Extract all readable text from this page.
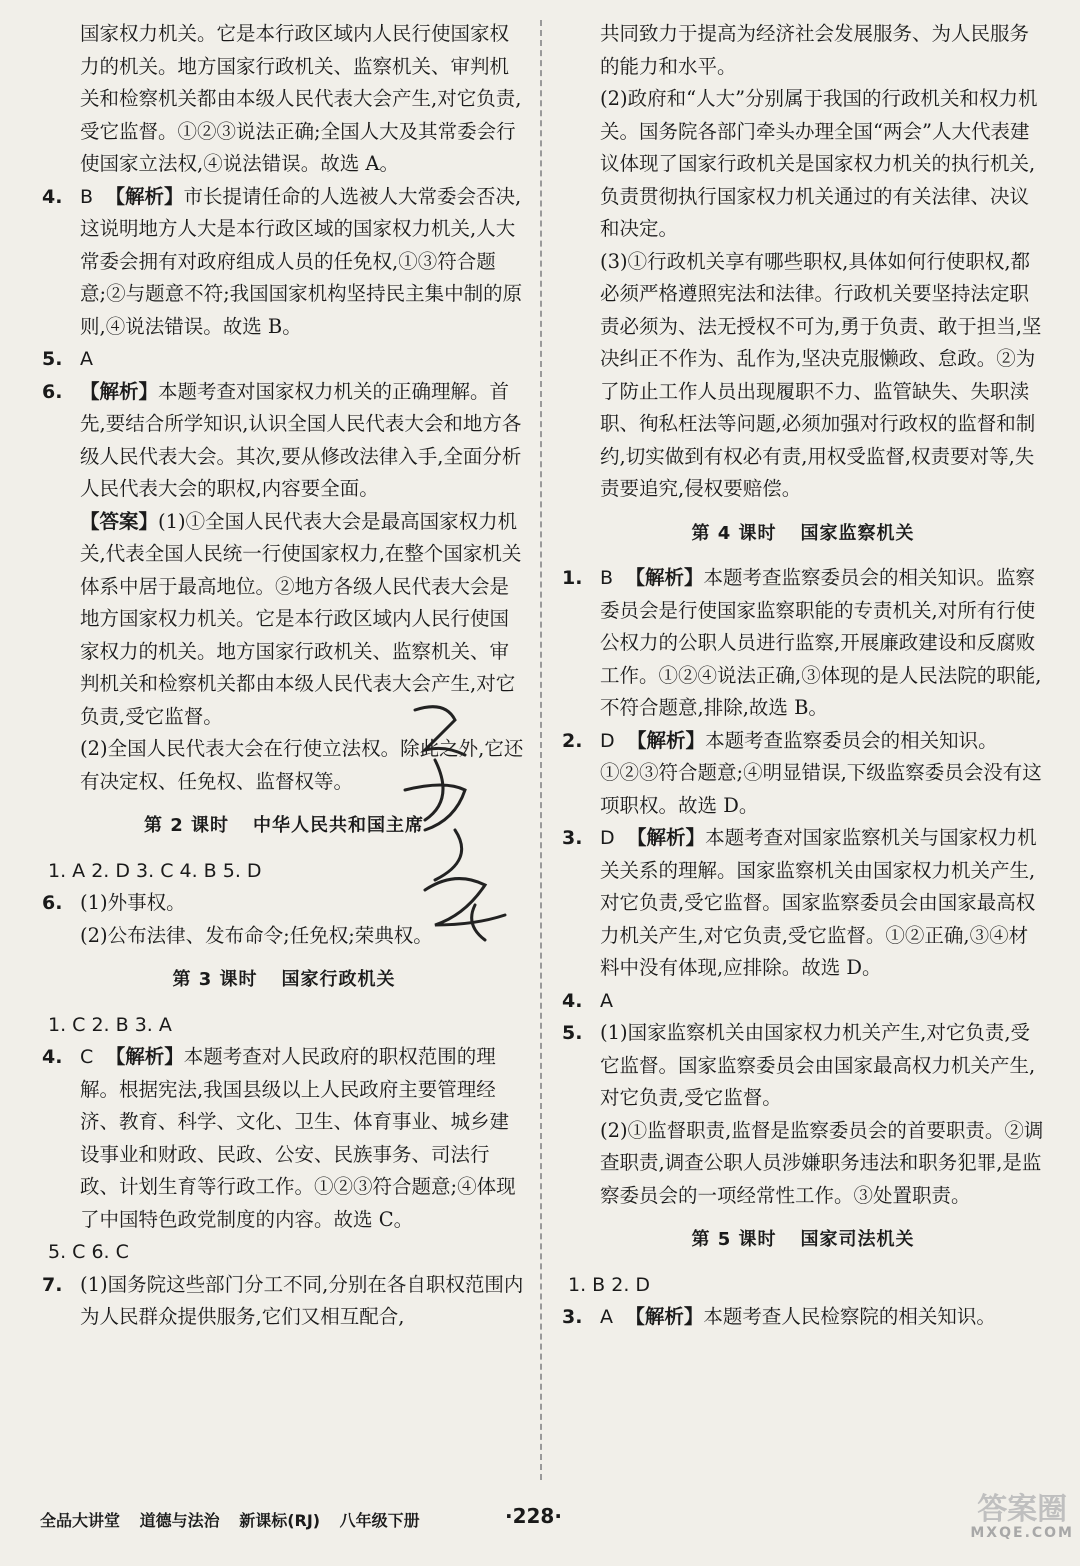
国家权力机关。它是本行政区域内人民行使国家权力的机关。地方国家行政机关、监察机关、审判机关和检察机关都由本级人民代表大会产生,对它负责,受它监督。①②③说法正确;全国人大及其常委会行使国家立法权,④说法错误。故选 A。

4. B 【解析】市长提请任命的人选被人大常委会否决,这说明地方人大是本行政区域的国家权力机关,人大常委会拥有对政府组成人员的任免权,①③符合题意;②与题意不符;我国国家机构坚持民主集中制的原则,④说法错误。故选 B。

5. A

6. 【解析】本题考查对国家权力机关的正确理解。首先,要结合所学知识,认识全国人民代表大会和地方各级人民代表大会。其次,要从修改法律入手,全面分析人民代表大会的职权,内容要全面。

【答案】(1)①全国人民代表大会是最高国家权力机关,代表全国人民统一行使国家权力,在整个国家机关体系中居于最高地位。②地方各级人民代表大会是地方国家权力机关。它是本行政区域内人民行使国家权力的机关。地方国家行政机关、监察机关、审判机关和检察机关都由本级人民代表大会产生,对它负责,受它监督。

(2)全国人民代表大会在行使立法权。除此之外,它还有决定权、任免权、监督权等。

第 2 课时 中华人民共和国主席

1. A 2. D 3. C 4. B 5. D

6. (1)外事权。
(2)公布法律、发布命令;任免权;荣典权。

第 3 课时 国家行政机关

1. C 2. B 3. A

4. C 【解析】本题考查对人民政府的职权范围的理解。根据宪法,我国县级以上人民政府主要管理经济、教育、科学、文化、卫生、体育事业、城乡建设事业和财政、民政、公安、民族事务、司法行政、计划生育等行政工作。①②③符合题意;④体现了中国特色政党制度的内容。故选 C。

5. C 6. C

7. (1)国务院这些部门分工不同,分别在各自职权范围内为人民群众提供服务,它们又相互配合,

共同致力于提高为经济社会发展服务、为人民服务的能力和水平。

(2)政府和“人大”分别属于我国的行政机关和权力机关。国务院各部门牵头办理全国“两会”人大代表建议体现了国家行政机关是国家权力机关的执行机关,负责贯彻执行国家权力机关通过的有关法律、决议和决定。

(3)①行政机关享有哪些职权,具体如何行使职权,都必须严格遵照宪法和法律。行政机关要坚持法定职责必须为、法无授权不可为,勇于负责、敢于担当,坚决纠正不作为、乱作为,坚决克服懒政、怠政。②为了防止工作人员出现履职不力、监管缺失、失职渎职、徇私枉法等问题,必须加强对行政权的监督和制约,切实做到有权必有责,用权受监督,权责要对等,失责要追究,侵权要赔偿。

第 4 课时 国家监察机关

1. B 【解析】本题考查监察委员会的相关知识。监察委员会是行使国家监察职能的专责机关,对所有行使公权力的公职人员进行监察,开展廉政建设和反腐败工作。①②④说法正确,③体现的是人民法院的职能,不符合题意,排除,故选 B。

2. D 【解析】本题考查监察委员会的相关知识。①②③符合题意;④明显错误,下级监察委员会没有这项职权。故选 D。

3. D 【解析】本题考查对国家监察机关与国家权力机关关系的理解。国家监察机关由国家权力机关产生,对它负责,受它监督。国家监察委员会由国家最高权力机关产生,对它负责,受它监督。①②正确,③④材料中没有体现,应排除。故选 D。

4. A

5. (1)国家监察机关由国家权力机关产生,对它负责,受它监督。国家监察委员会由国家最高权力机关产生,对它负责,受它监督。
(2)①监督职责,监督是监察委员会的首要职责。②调查职责,调查公职人员涉嫌职务违法和职务犯罪,是监察委员会的一项经常性工作。③处置职责。

第 5 课时 国家司法机关

1. B 2. D

3. A 【解析】本题考查人民检察院的相关知识。

全品大讲堂 道德与法治 新课标(RJ) 八年级下册	·228·	答案圈
MXQE.COM
